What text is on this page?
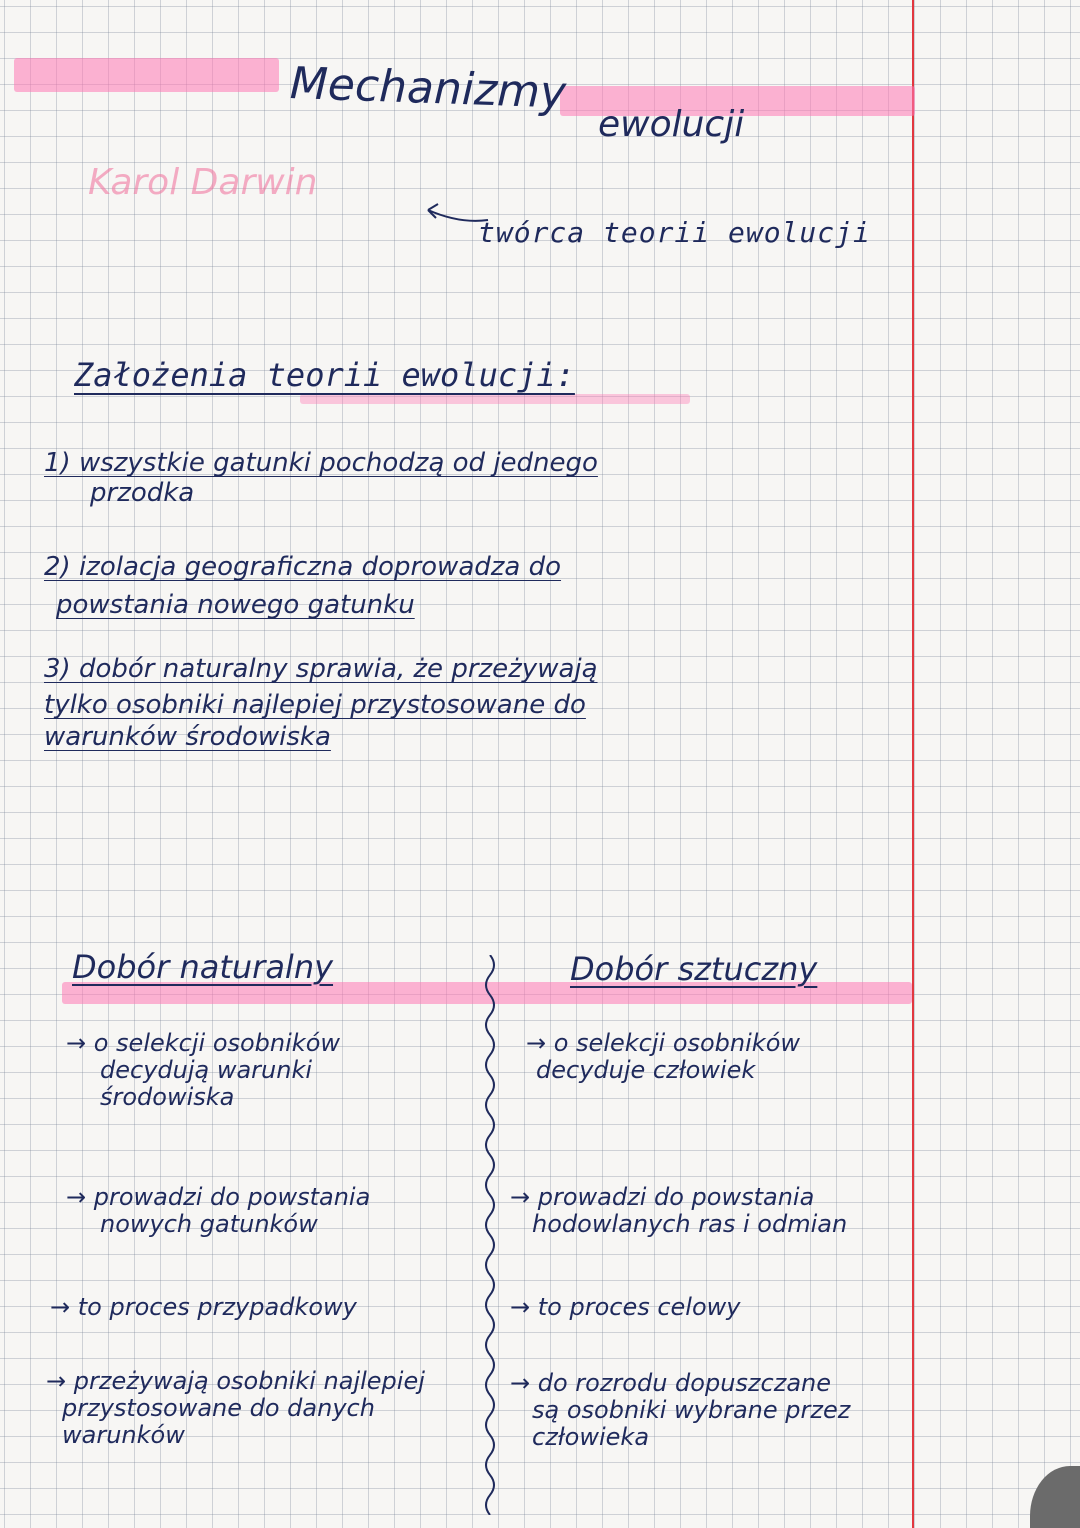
Mechanizmy
ewolucji
Karol Darwin
twórca teorii ewolucji
Założenia teorii ewolucji:
1) wszystkie gatunki pochodzą od jednego
przodka
2) izolacja geograficzna doprowadza do
powstania nowego gatunku
3) dobór naturalny sprawia, że przeżywają
tylko osobniki najlepiej przystosowane do
warunków środowiska
Dobór naturalny	Dobór sztuczny
→ o selekcji osobników
decydują warunki
środowiska
→ prowadzi do powstania
nowych gatunków
→ to proces przypadkowy
→ przeżywają osobniki najlepiej
przystosowane do danych
warunków
→ o selekcji osobników
decyduje człowiek
→ prowadzi do powstania
hodowlanych ras i odmian
→ to proces celowy
→ do rozrodu dopuszczane
są osobniki wybrane przez
człowieka
